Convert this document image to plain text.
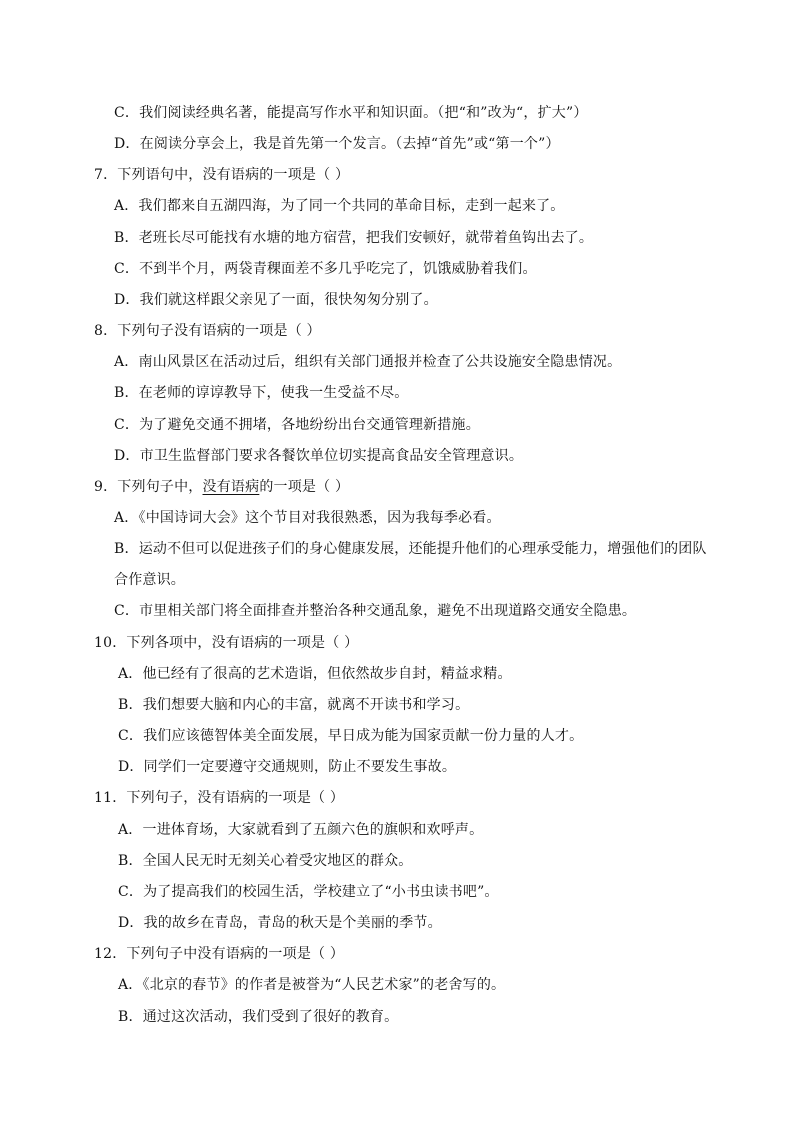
C．我们阅读经典名著，能提高写作水平和知识面。（把“和”改为“，扩大”）
D．在阅读分享会上，我是首先第一个发言。（去掉“首先”或“第一个”）
7．下列语句中，没有语病的一项是（ ）
A．我们都来自五湖四海，为了同一个共同的革命目标，走到一起来了。
B．老班长尽可能找有水塘的地方宿营，把我们安顿好，就带着鱼钩出去了。
C．不到半个月，两袋青稞面差不多几乎吃完了，饥饿威胁着我们。
D．我们就这样跟父亲见了一面，很快匆匆分别了。
8．下列句子没有语病的一项是（ ）
A．南山风景区在活动过后，组织有关部门通报并检查了公共设施安全隐患情况。
B．在老师的谆谆教导下，使我一生受益不尽。
C．为了避免交通不拥堵，各地纷纷出台交通管理新措施。
D．市卫生监督部门要求各餐饮单位切实提高食品安全管理意识。
9．下列句子中，没有语病的一项是（ ）
A．《中国诗词大会》这个节目对我很熟悉，因为我每季必看。
B．运动不但可以促进孩子们的身心健康发展，还能提升他们的心理承受能力，增强他们的团队
合作意识。
C．市里相关部门将全面排查并整治各种交通乱象，避免不出现道路交通安全隐患。
10．下列各项中，没有语病的一项是（ ）
A．他已经有了很高的艺术造诣，但依然故步自封，精益求精。
B．我们想要大脑和内心的丰富，就离不开读书和学习。
C．我们应该德智体美全面发展，早日成为能为国家贡献一份力量的人才。
D．同学们一定要遵守交通规则，防止不要发生事故。
11．下列句子，没有语病的一项是（ ）
A．一进体育场，大家就看到了五颜六色的旗帜和欢呼声。
B．全国人民无时无刻关心着受灾地区的群众。
C．为了提高我们的校园生活，学校建立了“小书虫读书吧”。
D．我的故乡在青岛，青岛的秋天是个美丽的季节。
12．下列句子中没有语病的一项是（ ）
A．《北京的春节》的作者是被誉为“人民艺术家”的老舍写的。
B．通过这次活动，我们受到了很好的教育。
